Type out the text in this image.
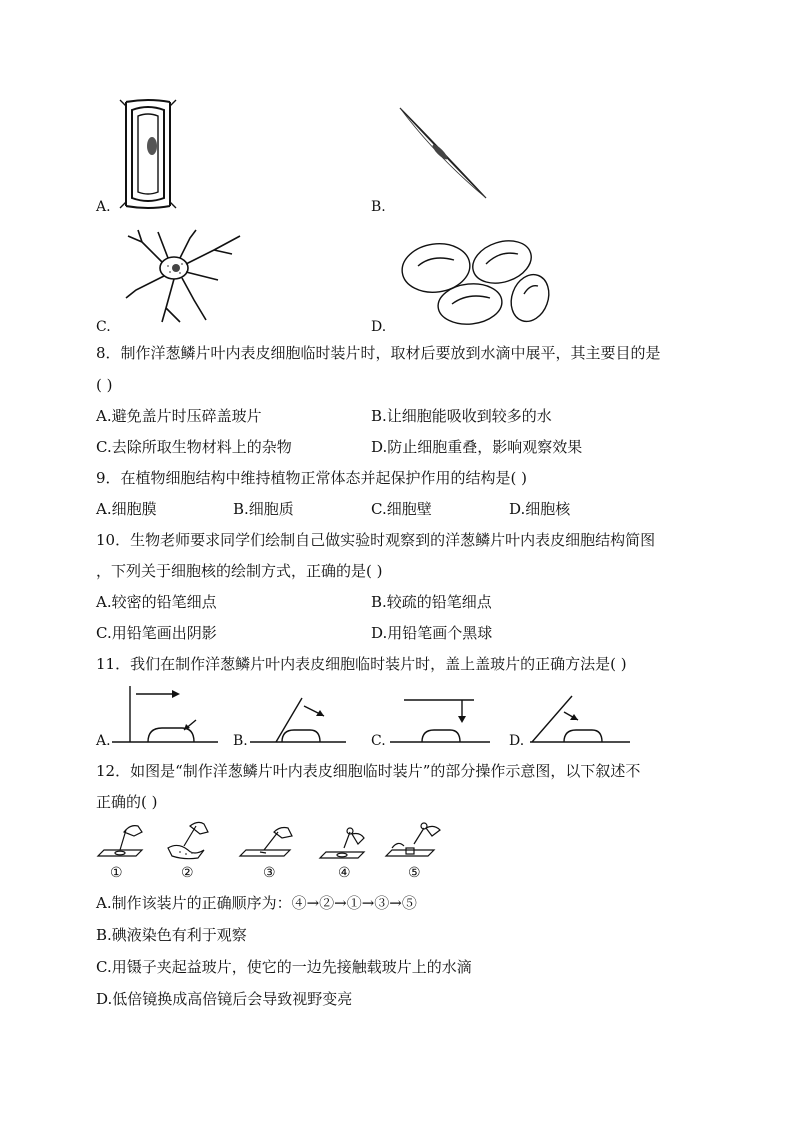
A.	B.
C.	D.
8．制作洋葱鳞片叶内表皮细胞临时装片时，取材后要放到水滴中展平，其主要目的是
( )
A.避免盖片时压碎盖玻片	B.让细胞能吸收到较多的水
C.去除所取生物材料上的杂物	D.防止细胞重叠，影响观察效果
9．在植物细胞结构中维持植物正常体态并起保护作用的结构是( )
A.细胞膜	B.细胞质	C.细胞壁	D.细胞核
10．生物老师要求同学们绘制自己做实验时观察到的洋葱鳞片叶内表皮细胞结构简图
，下列关于细胞核的绘制方式，正确的是( )
A.较密的铅笔细点	B.较疏的铅笔细点
C.用铅笔画出阴影	D.用铅笔画个黑球
11．我们在制作洋葱鳞片叶内表皮细胞临时装片时，盖上盖玻片的正确方法是( )
A.	B.	C.	D.
12．如图是“制作洋葱鳞片叶内表皮细胞临时装片”的部分操作示意图，以下叙述不
正确的( )
①	②	③	④	⑤
A.制作该装片的正确顺序为：④→②→①→③→⑤
B.碘液染色有利于观察
C.用镊子夹起益玻片，使它的一边先接触载玻片上的水滴
D.低倍镜换成高倍镜后会导致视野变亮
